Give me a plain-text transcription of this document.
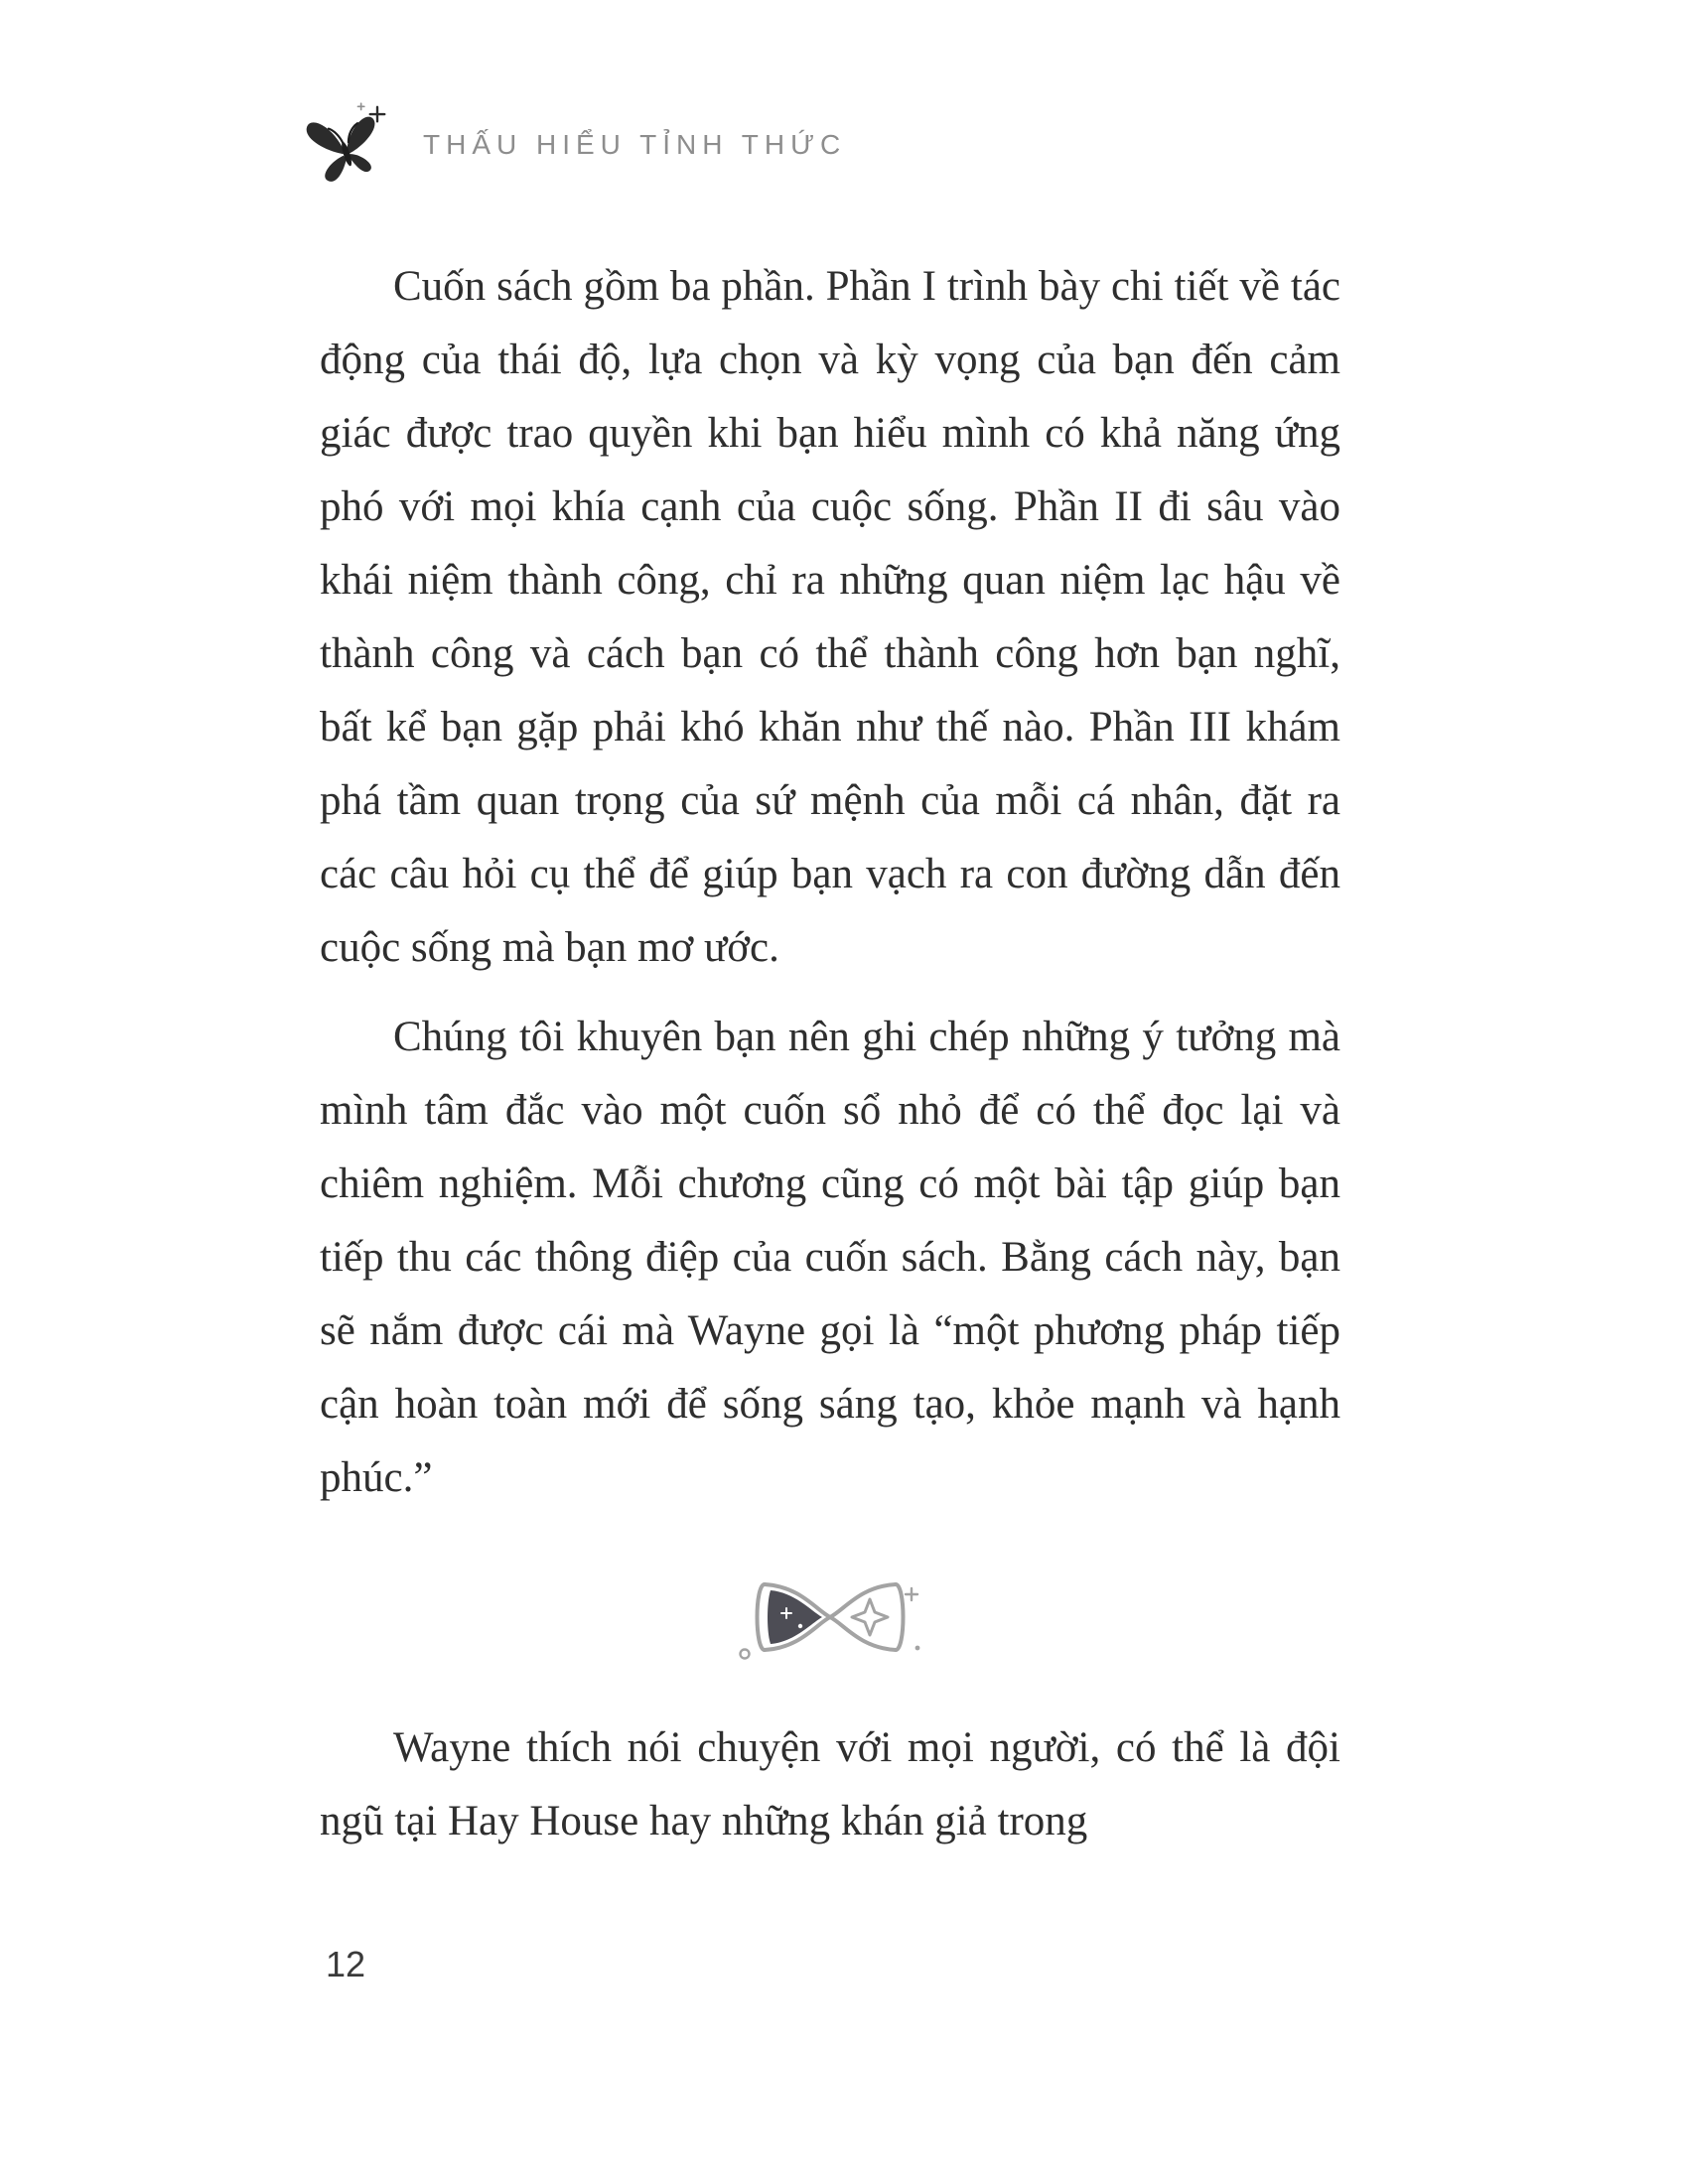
THẤU HIỂU TỈNH THỨC

Cuốn sách gồm ba phần. Phần I trình bày chi tiết về tác động của thái độ, lựa chọn và kỳ vọng của bạn đến cảm giác được trao quyền khi bạn hiểu mình có khả năng ứng phó với mọi khía cạnh của cuộc sống. Phần II đi sâu vào khái niệm thành công, chỉ ra những quan niệm lạc hậu về thành công và cách bạn có thể thành công hơn bạn nghĩ, bất kể bạn gặp phải khó khăn như thế nào. Phần III khám phá tầm quan trọng của sứ mệnh của mỗi cá nhân, đặt ra các câu hỏi cụ thể để giúp bạn vạch ra con đường dẫn đến cuộc sống mà bạn mơ ước.

Chúng tôi khuyên bạn nên ghi chép những ý tưởng mà mình tâm đắc vào một cuốn sổ nhỏ để có thể đọc lại và chiêm nghiệm. Mỗi chương cũng có một bài tập giúp bạn tiếp thu các thông điệp của cuốn sách. Bằng cách này, bạn sẽ nắm được cái mà Wayne gọi là “một phương pháp tiếp cận hoàn toàn mới để sống sáng tạo, khỏe mạnh và hạnh phúc.”

Wayne thích nói chuyện với mọi người, có thể là đội ngũ tại Hay House hay những khán giả trong

12
